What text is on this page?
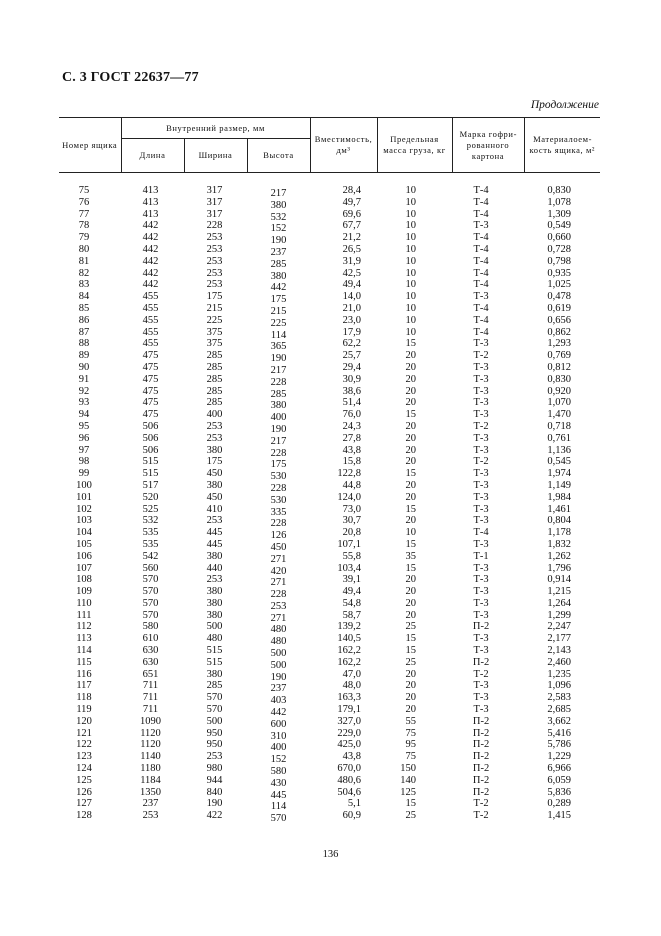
С. 3 ГОСТ 22637—77
Продолжение
Номер ящика	Внутренний размер, мм			Вместимость, дм³	Предельная масса груза, кг	Марка гофрированного картона	Материалоемкость ящика, м²
	Длина	Ширина	Высота				

75	413	317	217	28,4	10	Т-4	0,830
76	413	317	380	49,7	10	Т-4	1,078
77	413	317	532	69,6	10	Т-4	1,309
78	442	228	152	67,7	10	Т-3	0,549
79	442	253	190	21,2	10	Т-4	0,660
80	442	253	237	26,5	10	Т-4	0,728
81	442	253	285	31,9	10	Т-4	0,798
82	442	253	380	42,5	10	Т-4	0,935
83	442	253	442	49,4	10	Т-4	1,025
84	455	175	175	14,0	10	Т-3	0,478
85	455	215	215	21,0	10	Т-4	0,619
86	455	225	225	23,0	10	Т-4	0,656
87	455	375	114	17,9	10	Т-4	0,862
88	455	375	365	62,2	15	Т-3	1,293
89	475	285	190	25,7	20	Т-2	0,769
90	475	285	217	29,4	20	Т-3	0,812
91	475	285	228	30,9	20	Т-3	0,830
92	475	285	285	38,6	20	Т-3	0,920
93	475	285	380	51,4	20	Т-3	1,070
94	475	400	400	76,0	15	Т-3	1,470
95	506	253	190	24,3	20	Т-2	0,718
96	506	253	217	27,8	20	Т-3	0,761
97	506	380	228	43,8	20	Т-3	1,136
98	515	175	175	15,8	20	Т-2	0,545
99	515	450	530	122,8	15	Т-3	1,974
100	517	380	228	44,8	20	Т-3	1,149
101	520	450	530	124,0	20	Т-3	1,984
102	525	410	335	73,0	15	Т-3	1,461
103	532	253	228	30,7	20	Т-3	0,804
104	535	445	126	20,8	10	Т-4	1,178
105	535	445	450	107,1	15	Т-3	1,832
106	542	380	271	55,8	35	Т-1	1,262
107	560	440	420	103,4	15	Т-3	1,796
108	570	253	271	39,1	20	Т-3	0,914
109	570	380	228	49,4	20	Т-3	1,215
110	570	380	253	54,8	20	Т-3	1,264
111	570	380	271	58,7	20	Т-3	1,299
112	580	500	480	139,2	25	П-2	2,247
113	610	480	480	140,5	15	Т-3	2,177
114	630	515	500	162,2	15	Т-3	2,143
115	630	515	500	162,2	25	П-2	2,460
116	651	380	190	47,0	20	Т-2	1,235
117	711	285	237	48,0	20	Т-3	1,096
118	711	570	403	163,3	20	Т-3	2,583
119	711	570	442	179,1	20	Т-3	2,685
120	1090	500	600	327,0	55	П-2	3,662
121	1120	950	310	229,0	75	П-2	5,416
122	1120	950	400	425,0	95	П-2	5,786
123	1140	253	152	43,8	75	П-2	1,229
124	1180	980	580	670,0	150	П-2	6,966
125	1184	944	430	480,6	140	П-2	6,059
126	1350	840	445	504,6	125	П-2	5,836
127	237	190	114	5,1	15	Т-2	0,289
128	253	422	570	60,9	25	Т-2	1,415
136
